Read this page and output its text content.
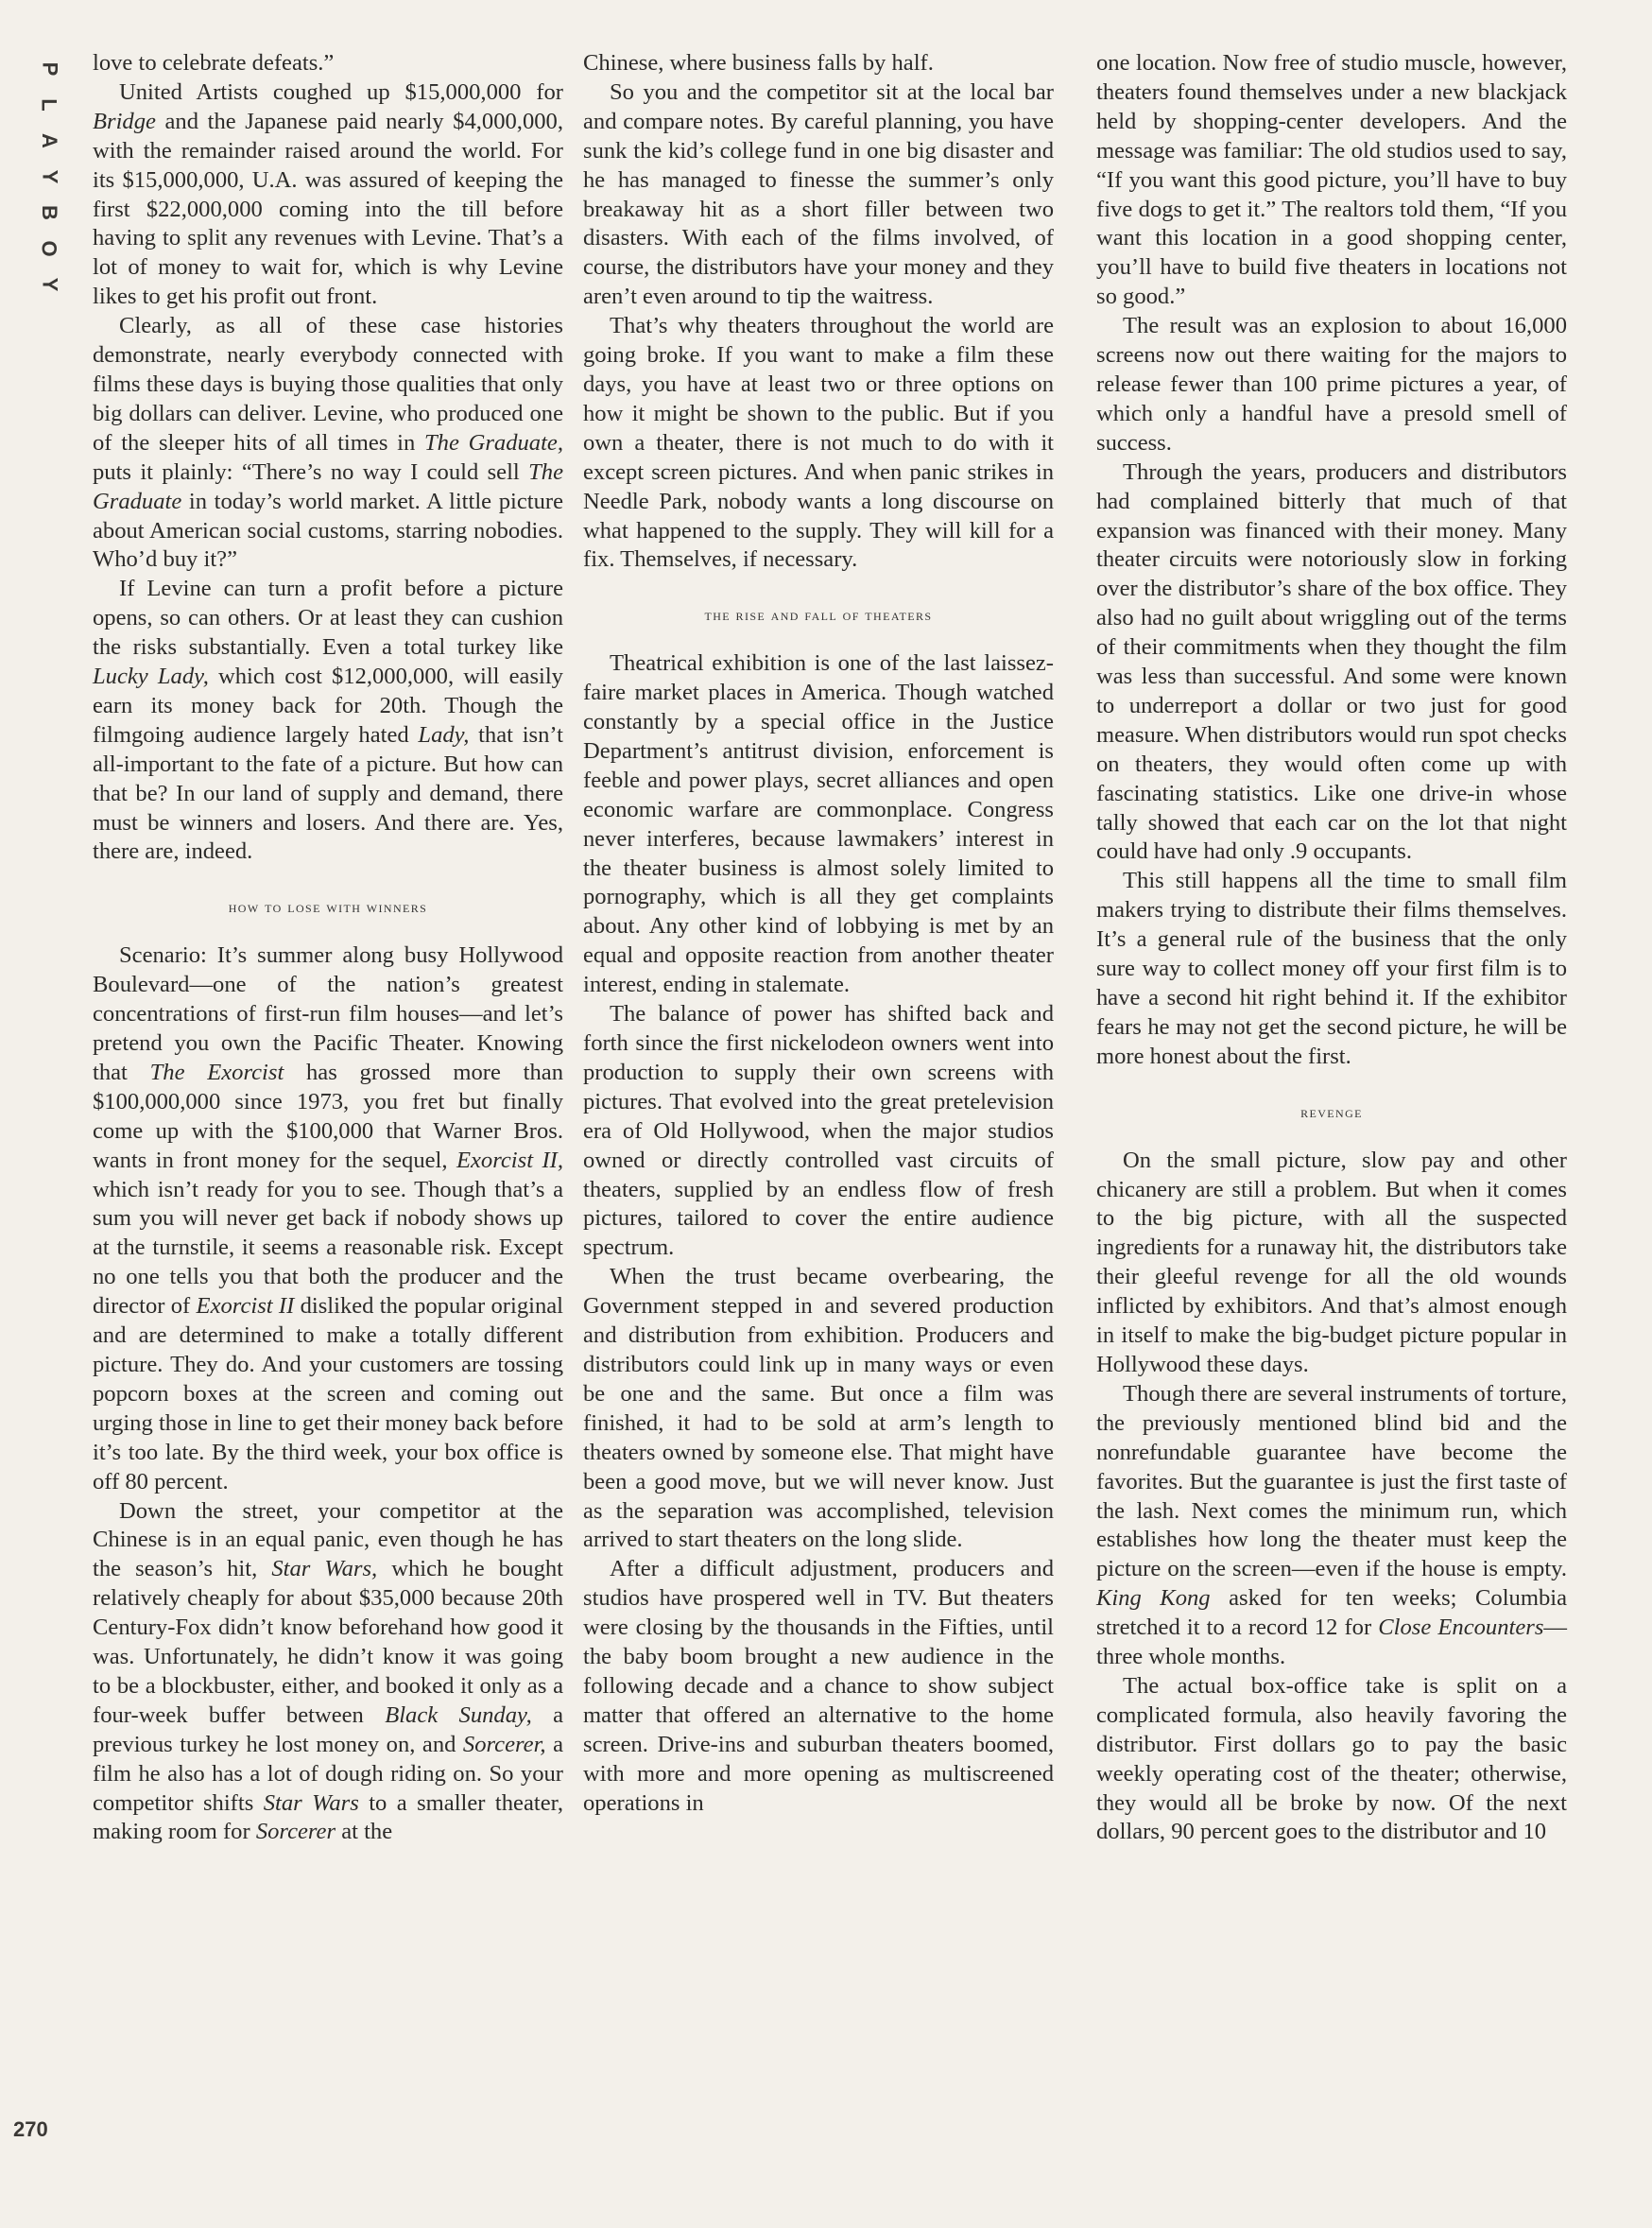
P
L
A
Y
B
O
Y

love to celebrate defeats.”

United Artists coughed up $15,000,000 for Bridge and the Japanese paid nearly $4,000,000, with the remainder raised around the world. For its $15,000,000, U.A. was assured of keeping the first $22,000,000 coming into the till before having to split any revenues with Levine. That’s a lot of money to wait for, which is why Levine likes to get his profit out front.

Clearly, as all of these case histories demonstrate, nearly everybody connected with films these days is buying those qualities that only big dollars can deliver. Levine, who produced one of the sleeper hits of all times in The Graduate, puts it plainly: “There’s no way I could sell The Graduate in today’s world market. A little picture about American social customs, starring nobodies. Who’d buy it?”

If Levine can turn a profit before a picture opens, so can others. Or at least they can cushion the risks substantially. Even a total turkey like Lucky Lady, which cost $12,000,000, will easily earn its money back for 20th. Though the filmgoing audience largely hated Lady, that isn’t all-important to the fate of a picture. But how can that be? In our land of supply and demand, there must be winners and losers. And there are. Yes, there are, indeed.

how to lose with winners

Scenario: It’s summer along busy Hollywood Boulevard—one of the nation’s greatest concentrations of first-run film houses—and let’s pretend you own the Pacific Theater. Knowing that The Exorcist has grossed more than $100,000,000 since 1973, you fret but finally come up with the $100,000 that Warner Bros. wants in front money for the sequel, Exorcist II, which isn’t ready for you to see. Though that’s a sum you will never get back if nobody shows up at the turnstile, it seems a reasonable risk. Except no one tells you that both the producer and the director of Exorcist II disliked the popular original and are determined to make a totally different picture. They do. And your customers are tossing popcorn boxes at the screen and coming out urging those in line to get their money back before it’s too late. By the third week, your box office is off 80 percent.

Down the street, your competitor at the Chinese is in an equal panic, even though he has the season’s hit, Star Wars, which he bought relatively cheaply for about $35,000 because 20th Century-Fox didn’t know beforehand how good it was. Unfortunately, he didn’t know it was going to be a blockbuster, either, and booked it only as a four-week buffer between Black Sunday, a previous turkey he lost money on, and Sorcerer, a film he also has a lot of dough riding on. So your competitor shifts Star Wars to a smaller theater, making room for Sorcerer at the

Chinese, where business falls by half.

So you and the competitor sit at the local bar and compare notes. By careful planning, you have sunk the kid’s college fund in one big disaster and he has managed to finesse the summer’s only breakaway hit as a short filler between two disasters. With each of the films involved, of course, the distributors have your money and they aren’t even around to tip the waitress.

That’s why theaters throughout the world are going broke. If you want to make a film these days, you have at least two or three options on how it might be shown to the public. But if you own a theater, there is not much to do with it except screen pictures. And when panic strikes in Needle Park, nobody wants a long discourse on what happened to the supply. They will kill for a fix. Themselves, if necessary.

the rise and fall of theaters

Theatrical exhibition is one of the last laissez-faire market places in America. Though watched constantly by a special office in the Justice Department’s antitrust division, enforcement is feeble and power plays, secret alliances and open economic warfare are commonplace. Congress never interferes, because lawmakers’ interest in the theater business is almost solely limited to pornography, which is all they get complaints about. Any other kind of lobbying is met by an equal and opposite reaction from another theater interest, ending in stalemate.

The balance of power has shifted back and forth since the first nickelodeon owners went into production to supply their own screens with pictures. That evolved into the great pretelevision era of Old Hollywood, when the major studios owned or directly controlled vast circuits of theaters, supplied by an endless flow of fresh pictures, tailored to cover the entire audience spectrum.

When the trust became overbearing, the Government stepped in and severed production and distribution from exhibition. Producers and distributors could link up in many ways or even be one and the same. But once a film was finished, it had to be sold at arm’s length to theaters owned by someone else. That might have been a good move, but we will never know. Just as the separation was accomplished, television arrived to start theaters on the long slide.

After a difficult adjustment, producers and studios have prospered well in TV. But theaters were closing by the thousands in the Fifties, until the baby boom brought a new audience in the following decade and a chance to show subject matter that offered an alternative to the home screen. Drive-ins and suburban theaters boomed, with more and more opening as multiscreened operations in

one location. Now free of studio muscle, however, theaters found themselves under a new blackjack held by shopping-center developers. And the message was familiar: The old studios used to say, “If you want this good picture, you’ll have to buy five dogs to get it.” The realtors told them, “If you want this location in a good shopping center, you’ll have to build five theaters in locations not so good.”

The result was an explosion to about 16,000 screens now out there waiting for the majors to release fewer than 100 prime pictures a year, of which only a handful have a presold smell of success.

Through the years, producers and distributors had complained bitterly that much of that expansion was financed with their money. Many theater circuits were notoriously slow in forking over the distributor’s share of the box office. They also had no guilt about wriggling out of the terms of their commitments when they thought the film was less than successful. And some were known to underreport a dollar or two just for good measure. When distributors would run spot checks on theaters, they would often come up with fascinating statistics. Like one drive-in whose tally showed that each car on the lot that night could have had only .9 occupants.

This still happens all the time to small film makers trying to distribute their films themselves. It’s a general rule of the business that the only sure way to collect money off your first film is to have a second hit right behind it. If the exhibitor fears he may not get the second picture, he will be more honest about the first.

revenge

On the small picture, slow pay and other chicanery are still a problem. But when it comes to the big picture, with all the suspected ingredients for a runaway hit, the distributors take their gleeful revenge for all the old wounds inflicted by exhibitors. And that’s almost enough in itself to make the big-budget picture popular in Hollywood these days.

Though there are several instruments of torture, the previously mentioned blind bid and the nonrefundable guarantee have become the favorites. But the guarantee is just the first taste of the lash. Next comes the minimum run, which establishes how long the theater must keep the picture on the screen—even if the house is empty. King Kong asked for ten weeks; Columbia stretched it to a record 12 for Close Encounters—three whole months.

The actual box-office take is split on a complicated formula, also heavily favoring the distributor. First dollars go to pay the basic weekly operating cost of the theater; otherwise, they would all be broke by now. Of the next dollars, 90 percent goes to the distributor and 10

270
